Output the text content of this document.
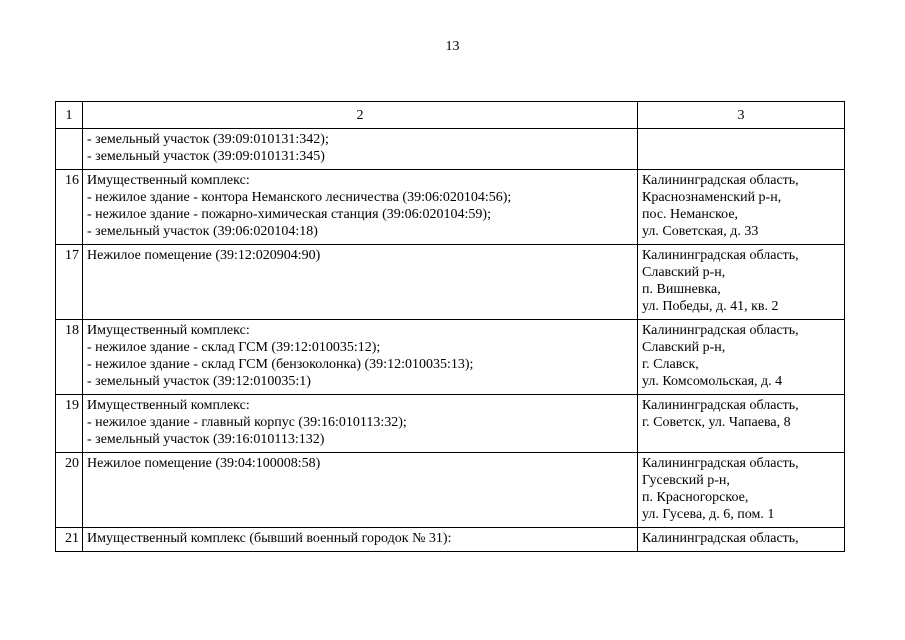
13
1	2	3

	- земельный участок (39:09:010131:342);
- земельный участок (39:09:010131:345)	

16	Имущественный комплекс:
- нежилое здание - контора Неманского лесничества (39:06:020104:56);
- нежилое здание - пожарно-химическая станция (39:06:020104:59);
- земельный участок (39:06:020104:18)	Калининградская область,
Краснознаменский р-н,
пос. Неманское,
ул. Советская, д. 33

17	Нежилое помещение (39:12:020904:90)	Калининградская область,
Славский р-н,
п. Вишневка,
ул. Победы, д. 41, кв. 2

18	Имущественный комплекс:
- нежилое здание - склад ГСМ (39:12:010035:12);
- нежилое здание - склад ГСМ (бензоколонка) (39:12:010035:13);
- земельный участок (39:12:010035:1)	Калининградская область,
Славский р-н,
г. Славск,
ул. Комсомольская, д. 4

19	Имущественный комплекс:
- нежилое здание - главный корпус (39:16:010113:32);
- земельный участок (39:16:010113:132)	Калининградская область,
г. Советск, ул. Чапаева, 8

20	Нежилое помещение (39:04:100008:58)	Калининградская область,
Гусевский р-н,
п. Красногорское,
ул. Гусева, д. 6, пом. 1

21	Имущественный комплекс (бывший военный городок № 31):	Калининградская область,
